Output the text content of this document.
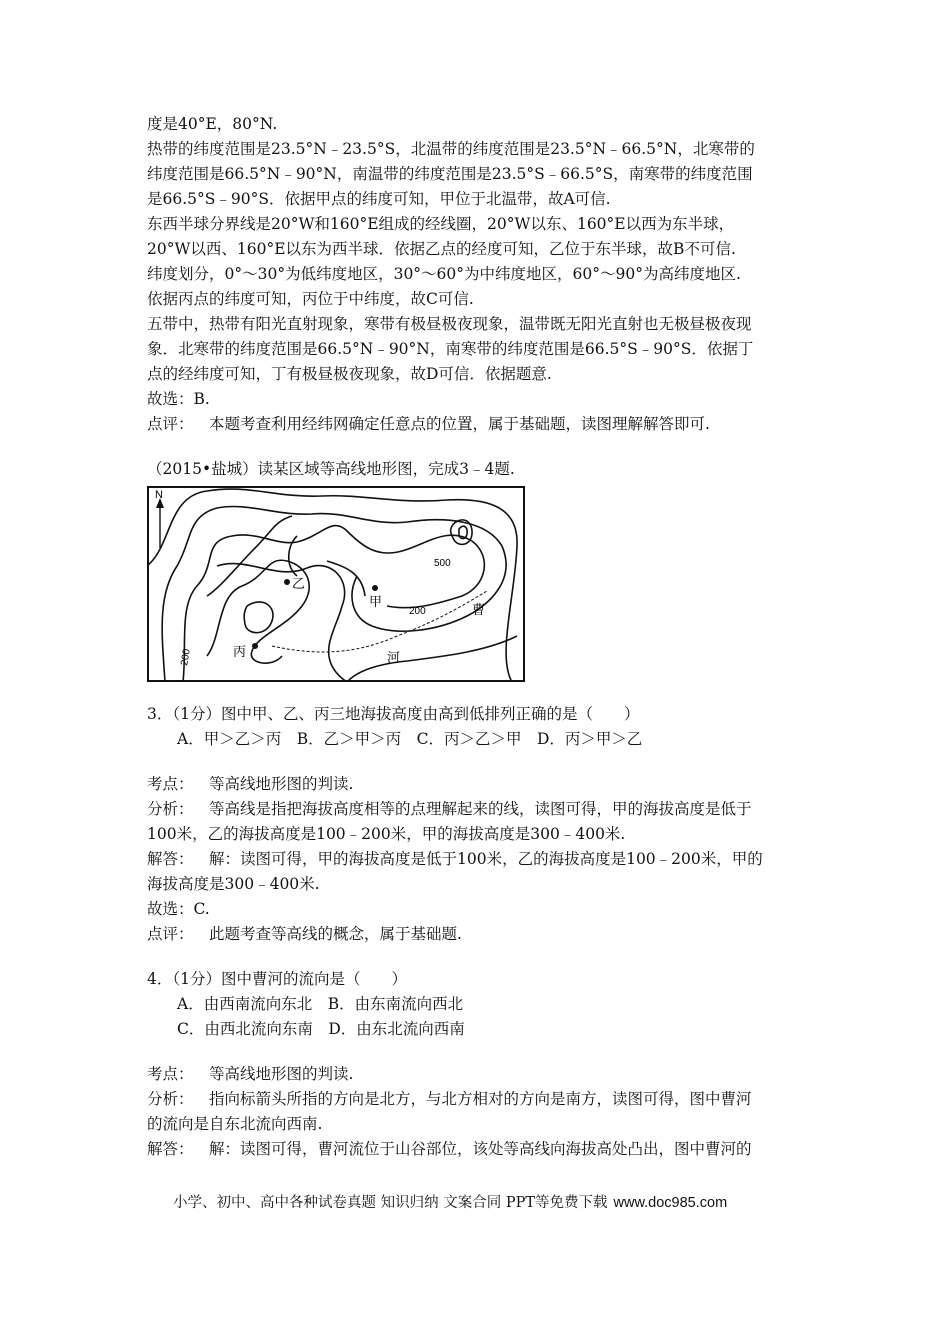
度是40°E，80°N.
热带的纬度范围是23.5°N﹣23.5°S，北温带的纬度范围是23.5°N﹣66.5°N，北寒带的
纬度范围是66.5°N﹣90°N，南温带的纬度范围是23.5°S﹣66.5°S，南寒带的纬度范围
是66.5°S﹣90°S．依据甲点的纬度可知，甲位于北温带，故A可信.
东西半球分界线是20°W和160°E组成的经线圈，20°W以东、160°E以西为东半球，
20°W以西、160°E以东为西半球．依据乙点的经度可知，乙位于东半球，故B不可信.
纬度划分，0°～30°为低纬度地区，30°～60°为中纬度地区，60°～90°为高纬度地区.
依据丙点的纬度可知，丙位于中纬度，故C可信.
五带中，热带有阳光直射现象，寒带有极昼极夜现象，温带既无阳光直射也无极昼极夜现
象．北寒带的纬度范围是66.5°N﹣90°N，南寒带的纬度范围是66.5°S﹣90°S．依据丁
点的经纬度可知，丁有极昼极夜现象，故D可信．依据题意.
故选：B.
点评： 本题考查利用经纬网确定任意点的位置，属于基础题，读图理解解答即可.
（2015•盐城）读某区域等高线地形图，完成3﹣4题.
N
乙
甲
丙
曹
河
500
200
200
3．（1分）图中甲、乙、丙三地海拔高度由高到低排列正确的是（　　）
A．甲＞乙＞丙　B．乙＞甲＞丙　C．丙＞乙＞甲　D．丙＞甲＞乙
考点： 等高线地形图的判读.
分析： 等高线是指把海拔高度相等的点理解起来的线，读图可得，甲的海拔高度是低于
100米，乙的海拔高度是100﹣200米，甲的海拔高度是300﹣400米.
解答： 解：读图可得，甲的海拔高度是低于100米，乙的海拔高度是100﹣200米，甲的
海拔高度是300﹣400米.
故选：C.
点评： 此题考查等高线的概念，属于基础题.
4．（1分）图中曹河的流向是（　　）
A．由西南流向东北　B．由东南流向西北
C．由西北流向东南　D．由东北流向西南
考点： 等高线地形图的判读.
分析： 指向标箭头所指的方向是北方，与北方相对的方向是南方，读图可得，图中曹河
的流向是自东北流向西南.
解答： 解：读图可得，曹河流位于山谷部位，该处等高线向海拔高处凸出，图中曹河的
小学、初中、高中各种试卷真题 知识归纳 文案合同 PPT等免费下载 www.doc985.com
